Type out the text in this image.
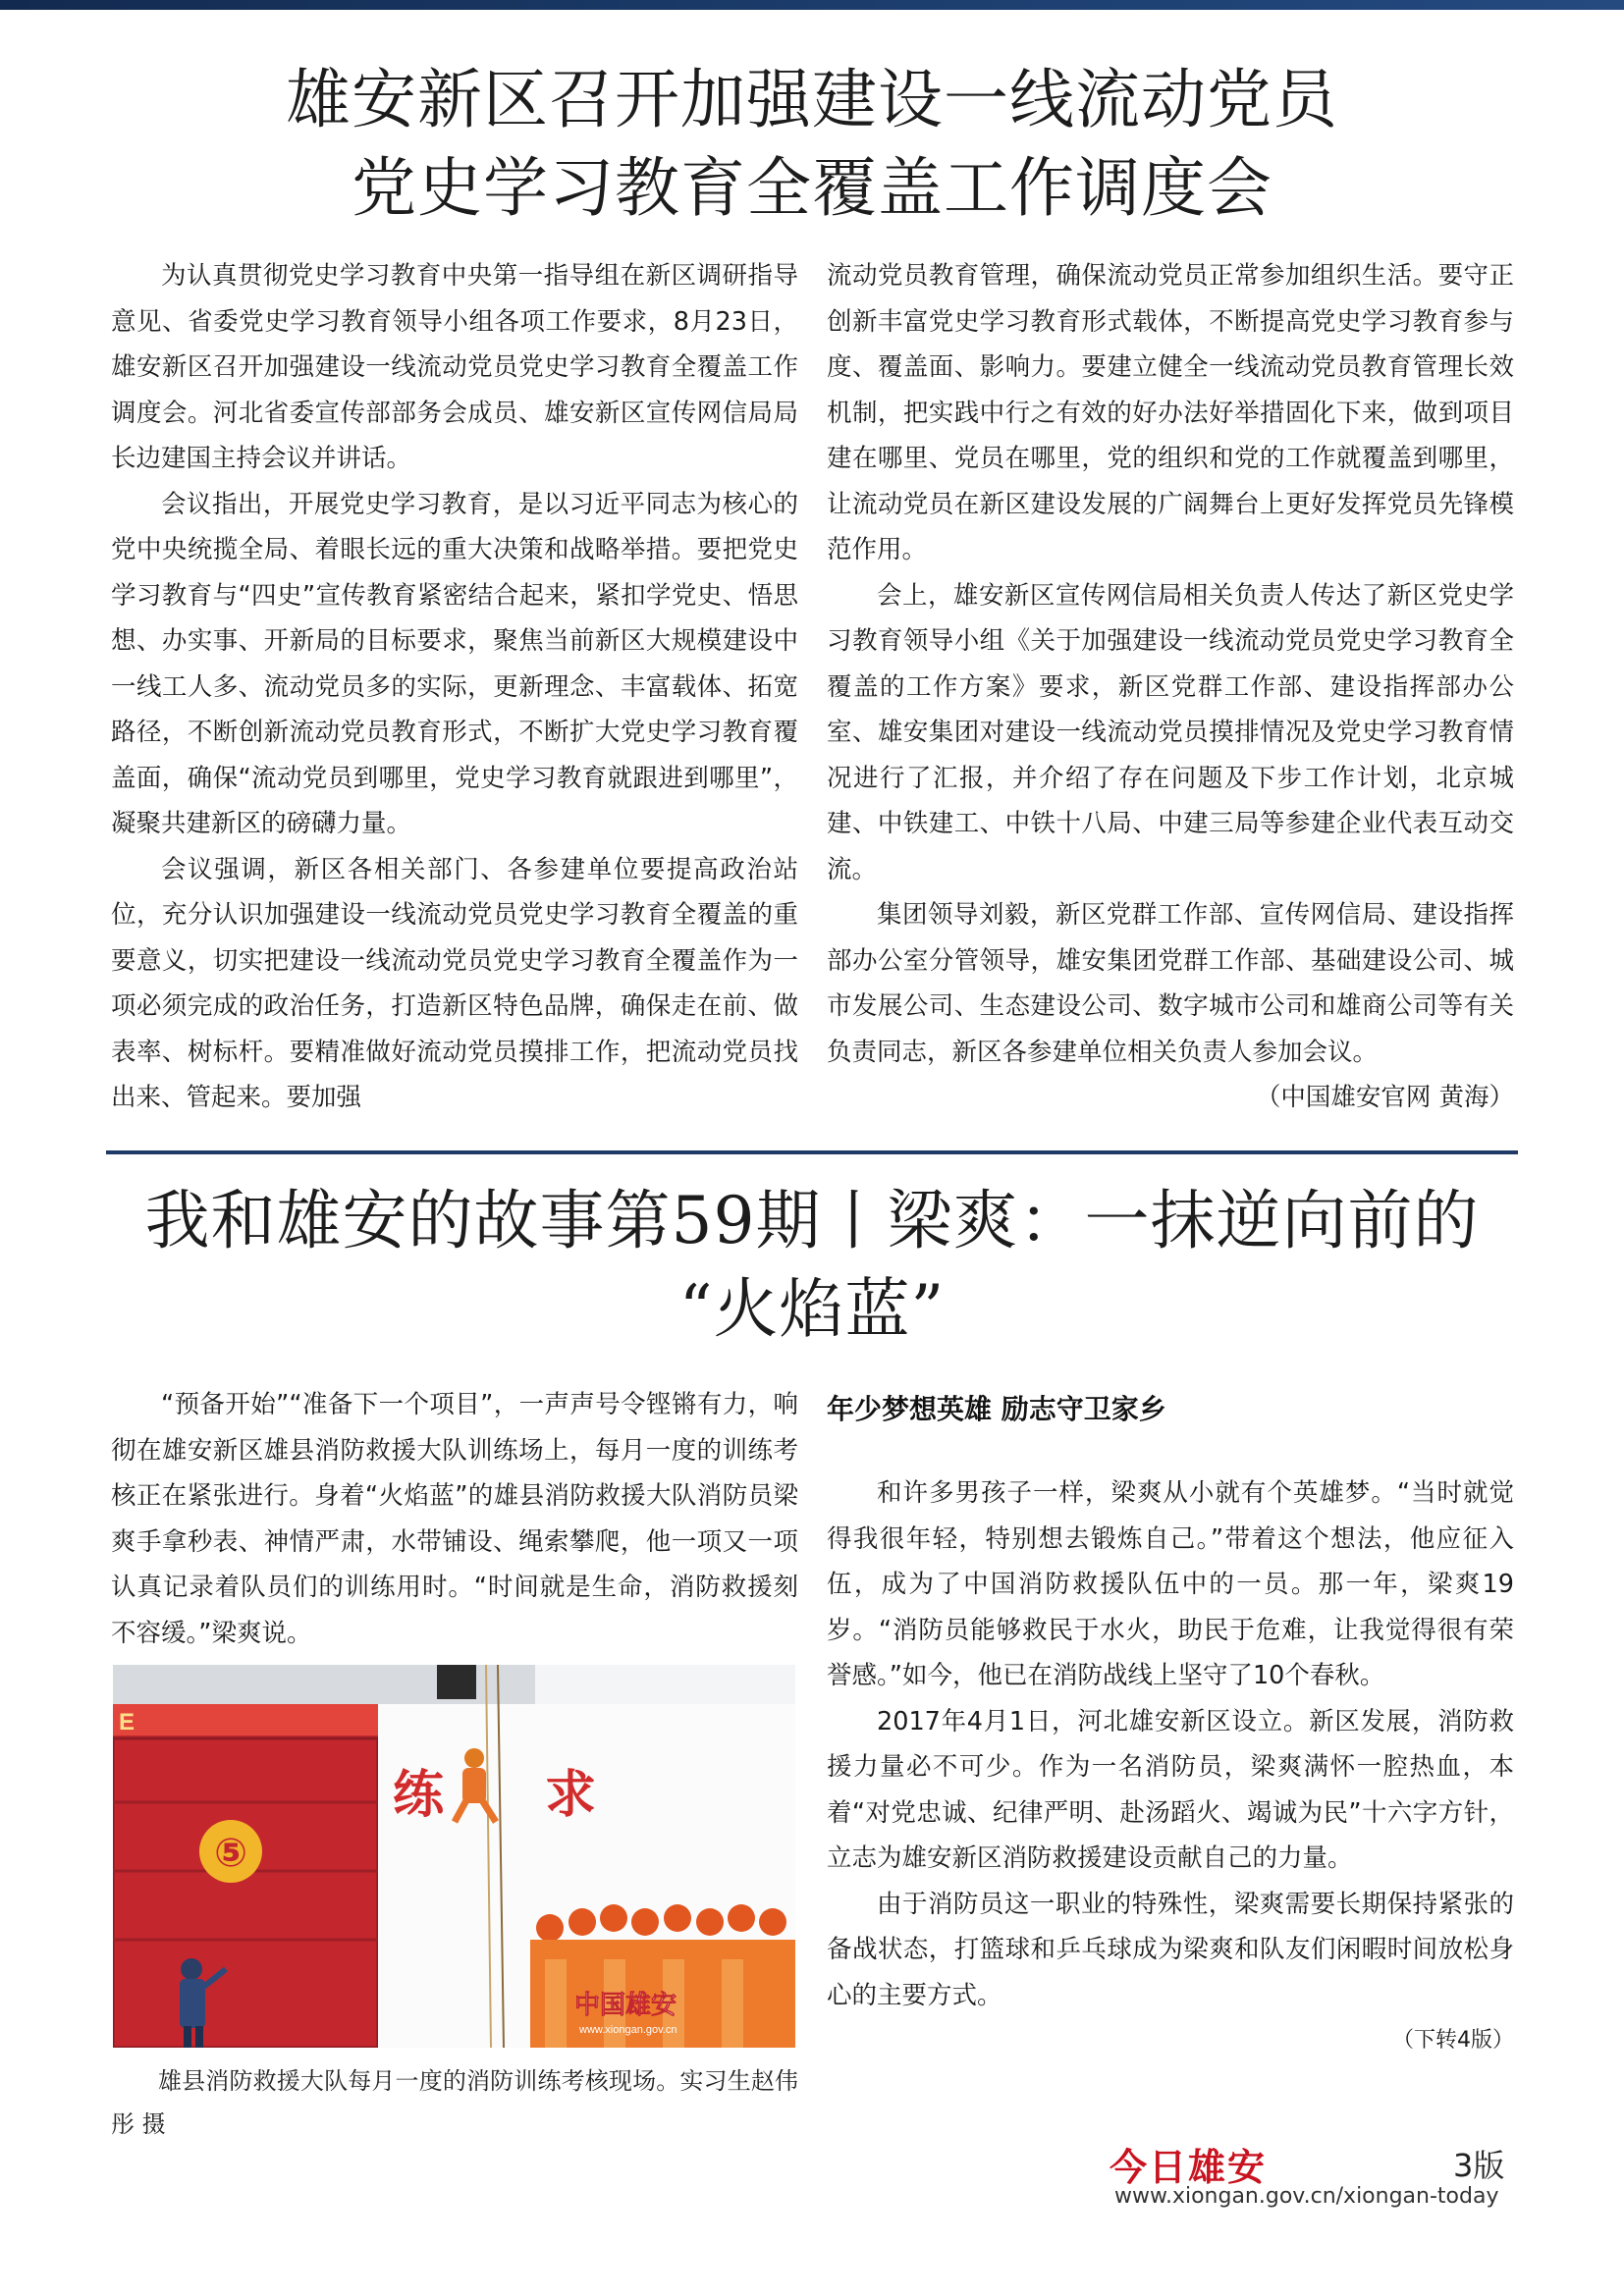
雄安新区召开加强建设一线流动党员
党史学习教育全覆盖工作调度会

为认真贯彻党史学习教育中央第一指导组在新区调研指导意见、省委党史学习教育领导小组各项工作要求，8月23日，雄安新区召开加强建设一线流动党员党史学习教育全覆盖工作调度会。河北省委宣传部部务会成员、雄安新区宣传网信局局长边建国主持会议并讲话。

会议指出，开展党史学习教育，是以习近平同志为核心的党中央统揽全局、着眼长远的重大决策和战略举措。要把党史学习教育与“四史”宣传教育紧密结合起来，紧扣学党史、悟思想、办实事、开新局的目标要求，聚焦当前新区大规模建设中一线工人多、流动党员多的实际，更新理念、丰富载体、拓宽路径，不断创新流动党员教育形式，不断扩大党史学习教育覆盖面，确保“流动党员到哪里，党史学习教育就跟进到哪里”，凝聚共建新区的磅礴力量。

会议强调，新区各相关部门、各参建单位要提高政治站位，充分认识加强建设一线流动党员党史学习教育全覆盖的重要意义，切实把建设一线流动党员党史学习教育全覆盖作为一项必须完成的政治任务，打造新区特色品牌，确保走在前、做表率、树标杆。要精准做好流动党员摸排工作，把流动党员找出来、管起来。要加强

流动党员教育管理，确保流动党员正常参加组织生活。要守正创新丰富党史学习教育形式载体，不断提高党史学习教育参与度、覆盖面、影响力。要建立健全一线流动党员教育管理长效机制，把实践中行之有效的好办法好举措固化下来，做到项目建在哪里、党员在哪里，党的组织和党的工作就覆盖到哪里，让流动党员在新区建设发展的广阔舞台上更好发挥党员先锋模范作用。

会上，雄安新区宣传网信局相关负责人传达了新区党史学习教育领导小组《关于加强建设一线流动党员党史学习教育全覆盖的工作方案》要求，新区党群工作部、建设指挥部办公室、雄安集团对建设一线流动党员摸排情况及党史学习教育情况进行了汇报，并介绍了存在问题及下步工作计划，北京城建、中铁建工、中铁十八局、中建三局等参建企业代表互动交流。

集团领导刘毅，新区党群工作部、宣传网信局、建设指挥部办公室分管领导，雄安集团党群工作部、基础建设公司、城市发展公司、生态建设公司、数字城市公司和雄商公司等有关负责同志，新区各参建单位相关负责人参加会议。

（中国雄安官网 黄海）

我和雄安的故事第59期丨梁爽：一抹逆向前的
“火焰蓝”

“预备开始”“准备下一个项目”，一声声号令铿锵有力，响彻在雄安新区雄县消防救援大队训练场上，每月一度的训练考核正在紧张进行。身着“火焰蓝”的雄县消防救援大队消防员梁爽手拿秒表、神情严肃，水带铺设、绳索攀爬，他一项又一项认真记录着队员们的训练用时。“时间就是生命，消防救援刻不容缓。”梁爽说。

E
⑤
练 求
中国雄安
www.xiongan.gov.cn
雄县消防救援大队每月一度的消防训练考核现场。实习生赵伟彤 摄

年少梦想英雄 励志守卫家乡

和许多男孩子一样，梁爽从小就有个英雄梦。“当时就觉得我很年轻，特别想去锻炼自己。”带着这个想法，他应征入伍，成为了中国消防救援队伍中的一员。那一年，梁爽19岁。“消防员能够救民于水火，助民于危难，让我觉得很有荣誉感。”如今，他已在消防战线上坚守了10个春秋。

2017年4月1日，河北雄安新区设立。新区发展，消防救援力量必不可少。作为一名消防员，梁爽满怀一腔热血，本着“对党忠诚、纪律严明、赴汤蹈火、竭诚为民”十六字方针，立志为雄安新区消防救援建设贡献自己的力量。

由于消防员这一职业的特殊性，梁爽需要长期保持紧张的备战状态，打篮球和乒乓球成为梁爽和队友们闲暇时间放松身心的主要方式。

（下转4版）

今日雄安	3版
www.xiongan.gov.cn/xiongan-today
